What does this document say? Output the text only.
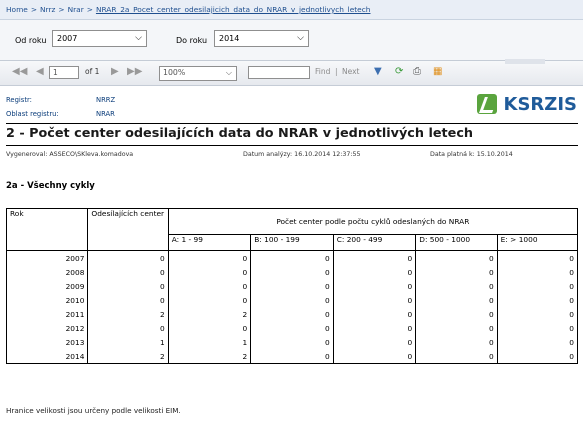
Home > Nrrz > Nrar > NRAR_2a_Pocet_center_odesilajicich_data_do_NRAR_v_jednotlivych_letech
Od roku	2007	⌵	Do roku	2014	⌵
◀◀ ◀	1	of 1 ▶ ▶▶	100%	⌵	Find | Next ▼ ⟳ ⎙ ▦
Registr:	NRRZ
Oblast registru:	NRAR	KSRZIS
2 - Počet center odesilajících data do NRAR v jednotlivých letech
Vygeneroval: ASSECO\SKleva.komadova	Datum analýzy: 16.10.2014 12:37:55	Data platná k: 15.10.2014
2a - Všechny cykly
Rok	Odesílajících center	Počet center podle počtu cyklů odeslaných do NRAR				
		A: 1 - 99	B: 100 - 199	C: 200 - 499	D: 500 - 1000	E: > 1000
2007	0	0	0	0	0	0
2008	0	0	0	0	0	0
2009	0	0	0	0	0	0
2010	0	0	0	0	0	0
2011	2	2	0	0	0	0
2012	0	0	0	0	0	0
2013	1	1	0	0	0	0
2014	2	2	0	0	0	0
Hranice velikosti jsou určeny podle velikosti EIM.
